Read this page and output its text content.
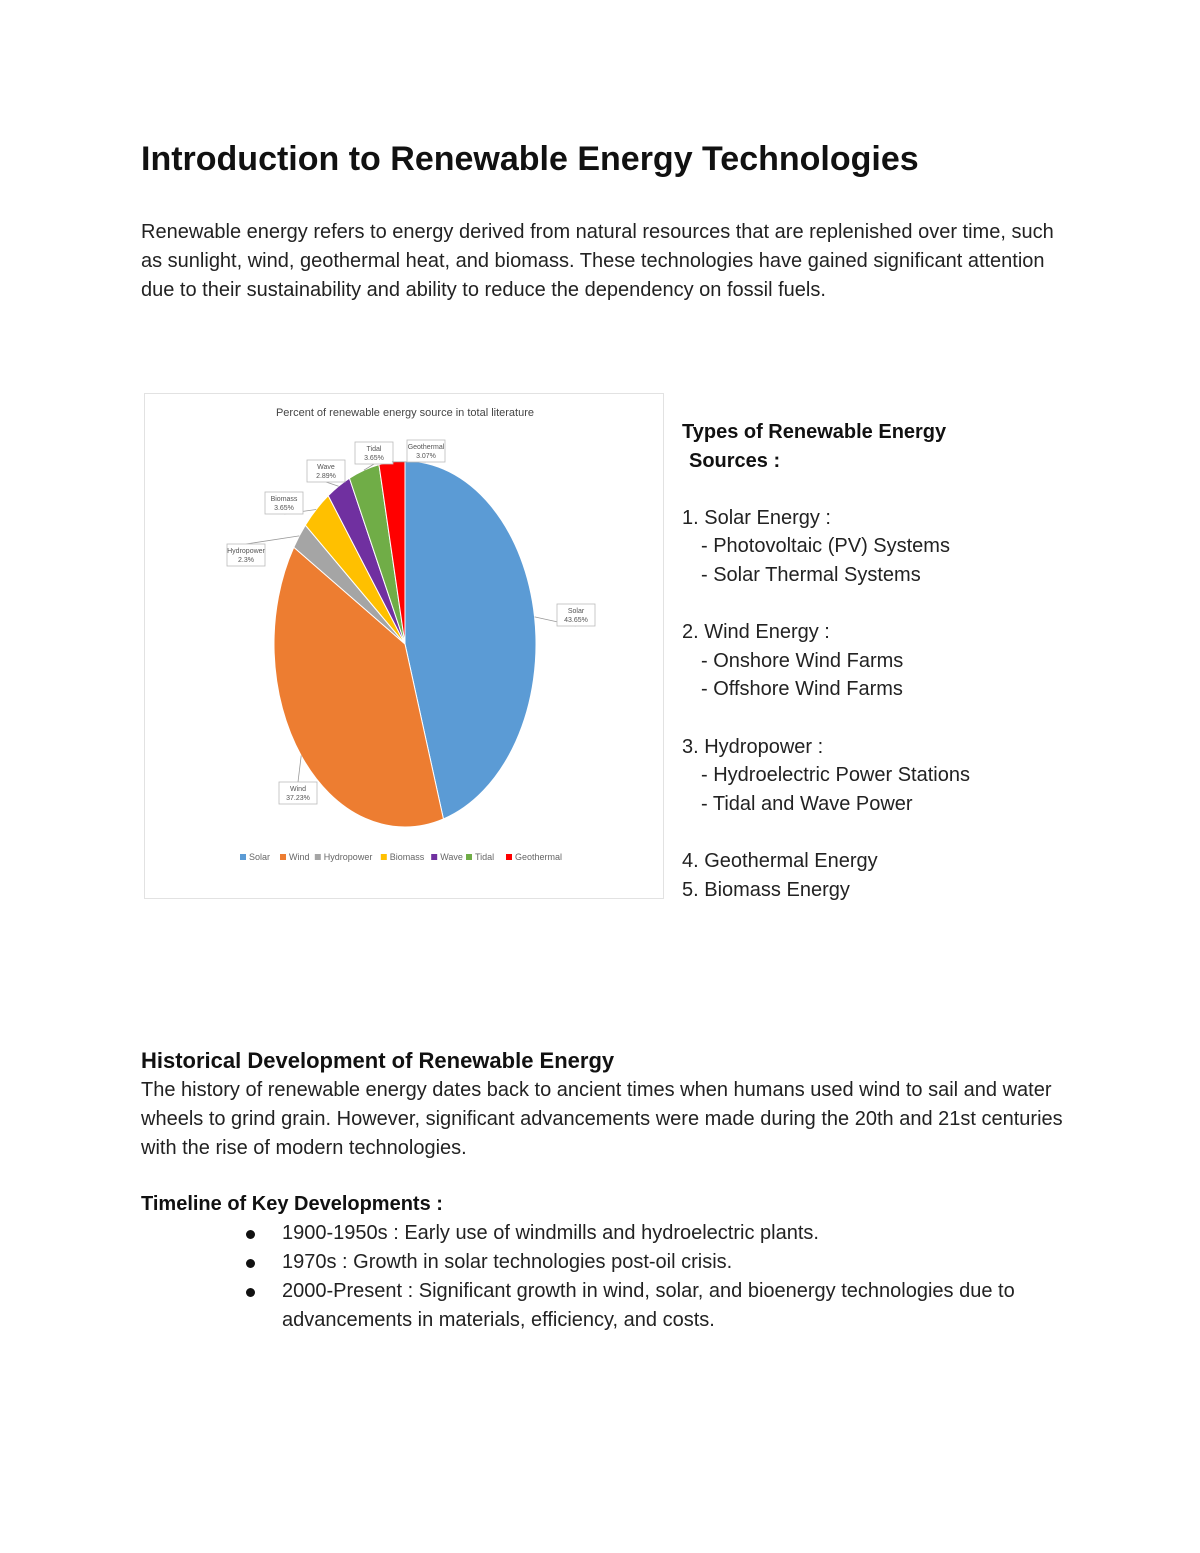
Introduction to Renewable Energy Technologies

Renewable energy refers to energy derived from natural resources that are replenished over time, such as sunlight, wind, geothermal heat, and biomass. These technologies have gained significant attention due to their sustainability and ability to reduce the dependency on fossil fuels.

Percent of renewable energy source in total literature
Solar
43.65%
Wind
37.23%
Hydropower
2.3%
Biomass
3.65%
Wave
2.89%
Tidal
3.65%
Geothermal
3.07%
Solar Wind Hydropower Biomass Wave Tidal Geothermal
Types of Renewable Energy
Sources :
1. Solar Energy :
- Photovoltaic (PV) Systems
- Solar Thermal Systems
2. Wind Energy :
- Onshore Wind Farms
- Offshore Wind Farms
3. Hydropower :
- Hydroelectric Power Stations
- Tidal and Wave Power
4. Geothermal Energy
5. Biomass Energy
Historical Development of Renewable Energy

The history of renewable energy dates back to ancient times when humans used wind to sail and water wheels to grind grain. However, significant advancements were made during the 20th and 21st centuries with the rise of modern technologies.

Timeline of Key Developments :
1900-1950s : Early use of windmills and hydroelectric plants.
1970s : Growth in solar technologies post-oil crisis.
2000-Present : Significant growth in wind, solar, and bioenergy technologies due to advancements in materials, efficiency, and costs.
